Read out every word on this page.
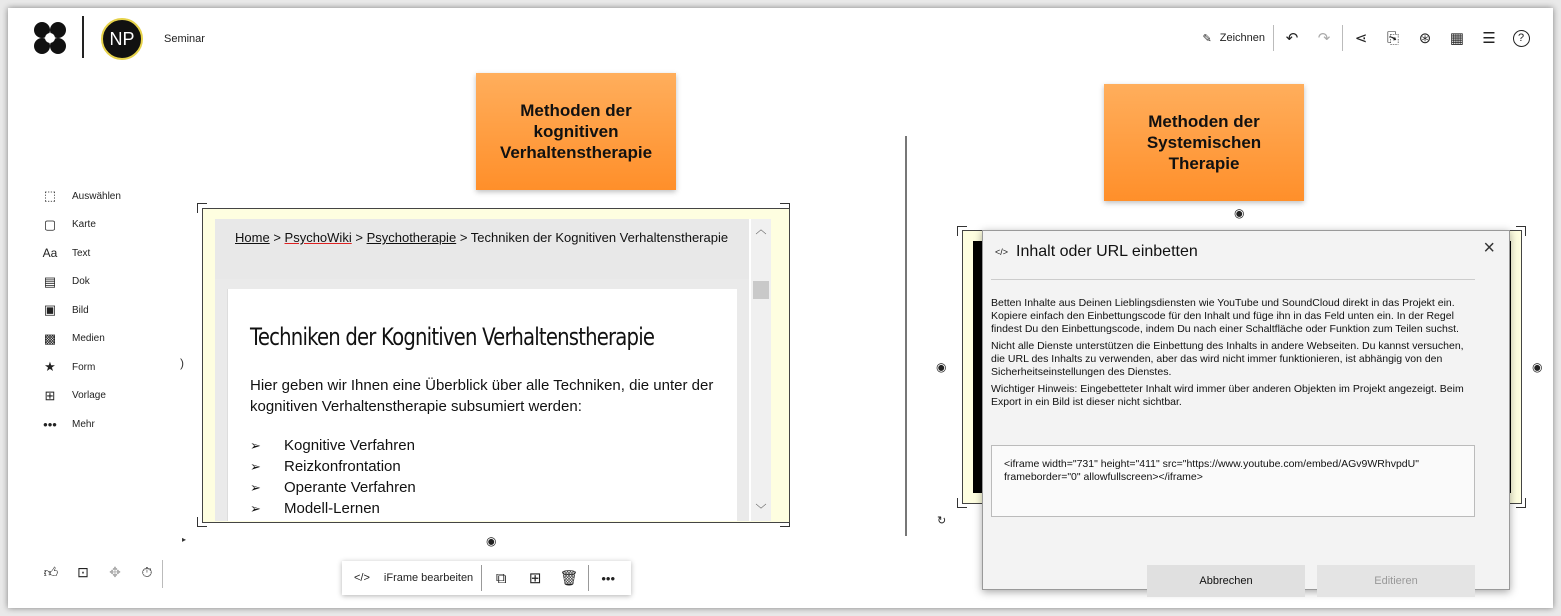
NP	Seminar	✎ Zeichnen ↶ ↷ ⋖ ⎘ ⊛ ▦ ☰	?
⬚ Auswählen
▢ Karte
Aa Text
▤ Dok
▣ Bild
▩ Medien
★ Form
⊞ Vorlage
••• Mehr
)
▸
👍︎ ⊡ ✥ ⏱︎
Methoden der kognitiven Verhaltenstherapie
Methoden der Systemischen Therapie
◉
Home > PsychoWiki > Psychotherapie > Techniken der Kognitiven Verhaltenstherapie
Techniken der Kognitiven Verhaltenstherapie
Hier geben wir Ihnen eine Überblick über alle Techniken, die unter der kognitiven Verhaltenstherapie subsumiert werden:
➢ Kognitive Verfahren
➢ Reizkonfrontation
➢ Operante Verfahren
➢ Modell-Lernen
︿
﹀
◉
</> iFrame bearbeiten ⧉ ⊞ 🗑︎ •••
◉	◉
↻
</> Inhalt oder URL einbetten	×

Betten Inhalte aus Deinen Lieblingsdiensten wie YouTube und SoundCloud direkt in das Projekt ein. Kopiere einfach den Einbettungscode für den Inhalt und füge ihn in das Feld unten ein. In der Regel findest Du den Einbettungscode, indem Du nach einer Schaltfläche oder Funktion zum Teilen suchst.

Nicht alle Dienste unterstützen die Einbettung des Inhalts in andere Webseiten. Du kannst versuchen, die URL des Inhalts zu verwenden, aber das wird nicht immer funktionieren, ist abhängig von den Sicherheitseinstellungen des Dienstes.

Wichtiger Hinweis: Eingebetteter Inhalt wird immer über anderen Objekten im Projekt angezeigt. Beim Export in ein Bild ist dieser nicht sichtbar.

<iframe width="731" height="411" src="https://www.youtube.com/embed/AGv9WRhvpdU" frameborder="0" allowfullscreen></iframe>
Abbrechen	Editieren
